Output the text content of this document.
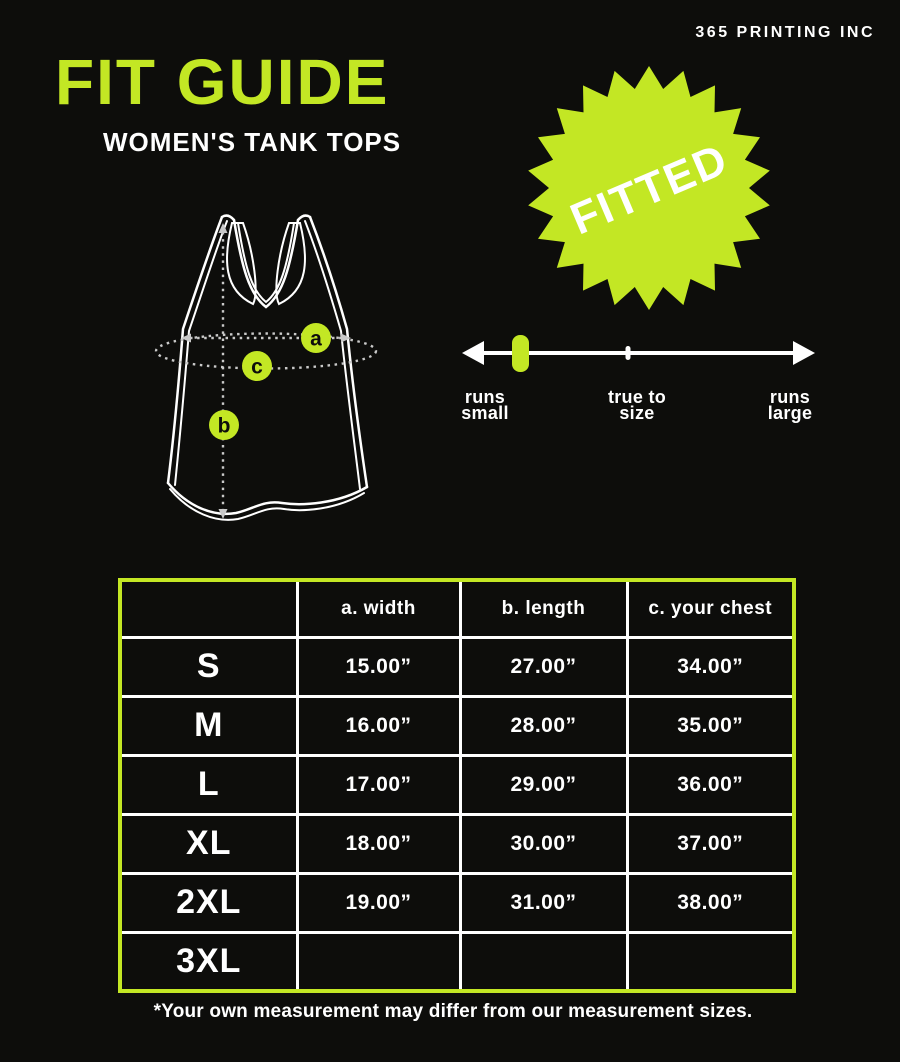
365 PRINTING INC
FIT GUIDE
WOMEN'S TANK TOPS	FITTED
a
c
b
runs
small
true to
size
runs
large
	a. width	b. length	c. your chest
S	15.00”	27.00”	34.00”
M	16.00”	28.00”	35.00”
L	17.00”	29.00”	36.00”
XL	18.00”	30.00”	37.00”
2XL	19.00”	31.00”	38.00”
3XL			
*Your own measurement may differ from our measurement sizes.
